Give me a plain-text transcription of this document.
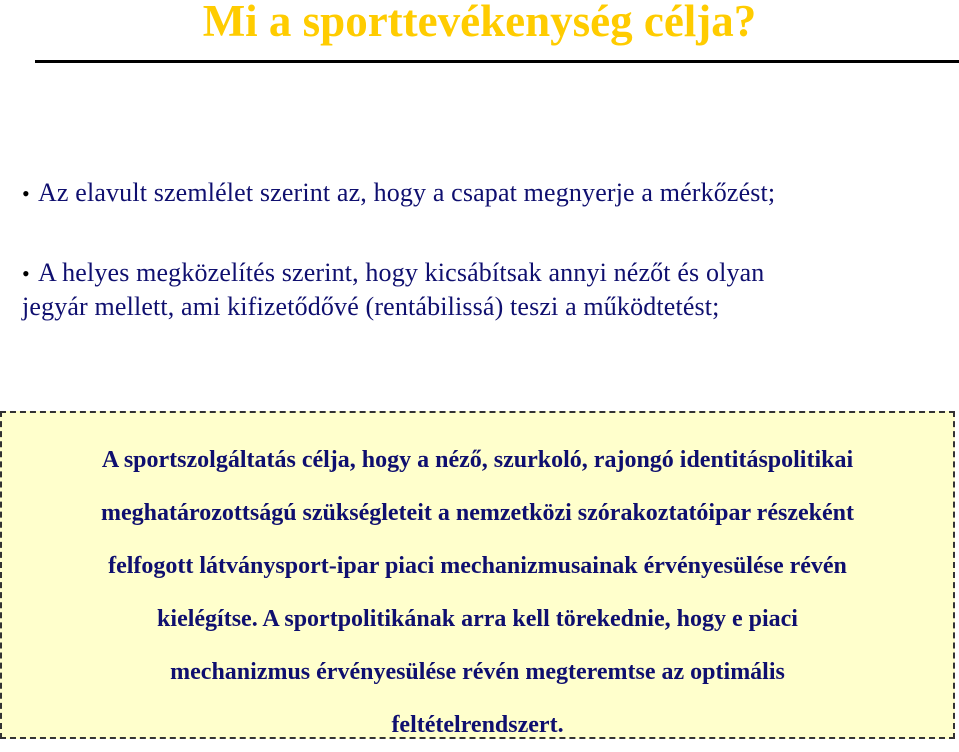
Mi a sporttevékenység célja?

• Az elavult szemlélet szerint az, hogy a csapat megnyerje a mérkőzést;

• A helyes megközelítés szerint, hogy kicsábítsak annyi nézőt és olyan
jegyár mellett, ami kifizetődővé (rentábilissá) teszi a működtetést;

A sportszolgáltatás célja, hogy a néző, szurkoló, rajongó identitáspolitikai
meghatározottságú szükségleteit a nemzetközi szórakoztatóipar részeként
felfogott látványsport-ipar piaci mechanizmusainak érvényesülése révén
kielégítse. A sportpolitikának arra kell törekednie, hogy e piaci
mechanizmus érvényesülése révén megteremtse az optimális
feltételrendszert.
